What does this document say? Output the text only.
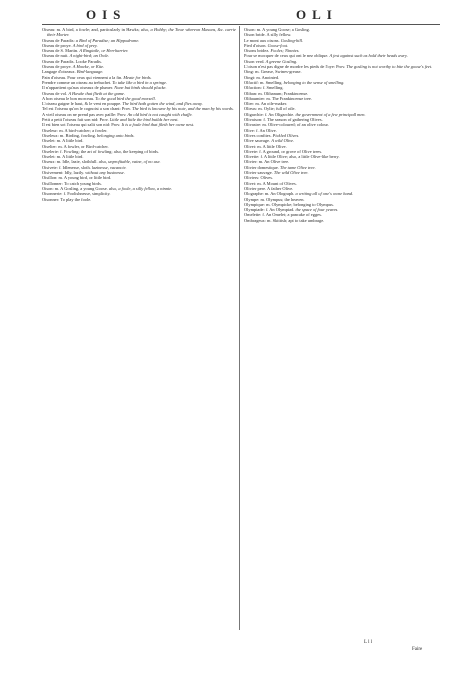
OIS	OLI

Oiseau: m. A bird, a fowle; and, particularly in Hawks; also, a Hobby; the Towe whereon Masons, &c. carrie their Morter.

Oiseau de Paradis: a Bird of Paradise; an Hippodrome.

Oiseau de proye. A bird of prey.

Oiseau de S. Martin. A Ringtaile, or Hen-harrier.

Oiseau de nuit. A night-bird; an Owle.

Oiseau de Paradis. Looke Paradis.

Oiseau de proye. A Hawke, or Kite.

Langage d'oiseaux. Bird-language.

Pain d'oiseau. Pour ceux qui viennent a la fin. Meate for birds.

Prendre comme un oiseau au trebuchet. To take like a bird in a springe.

Il n'appartient qu'aux oiseaux de plumer. None but birds should plucke.

Oiseau de vol. A Hawke that flieth at the game.

A bon oiseau le bon morceau. To the good bird the good morsell.

L'oiseau gaigne le haut, & le vent en pouppe. The bird hath gotten the wind, and flies away.

Tel est l'oiseau qu'on le cognoist a son chant: Prov. The bird is knowne by his note, and the man by his words.

A vieil oiseau on ne prend pas avec paille: Prov. An old bird is not caught with chaffe.

Petit a petit l'oiseau fait son nid: Prov. Little and little the bird builds her nest.

Il est bien sot l'oiseau qui salit son nid: Prov. It is a foule bird that fileth her owne nest.

Oiseleur: m. A bird-catcher; a fowler.

Oiseleux: m. Birding, fowling. belonging unto birds.

Oiselet: m. A little bird.

Oiselier: m. A fowler, or Bird-catcher.

Oiselerie: f. Fowling; the art of fowling; also, the keeping of birds.

Oiselet: m. A little bird.

Oiseux: m. Idle, lazie, slothfull. also, unprofitable, vaine, of no use.

Oisivete: f. Idlenesse, sloth. lazinesse, vacancie.

Oisivement: Idly, lazily. without any businesse.

Oisillon: m. A young bird, or little bird.

Oisillonner: To catch young birds.

Oison: m. A Gosling, a young Goose. also, a foole, a silly fellow, a ninnie.

Oisonnerie: f. Foolishnesse, simplicity.

Oisonner: To play the foole.

Oison: m. A young Goose; a Gosling.

Oison bride. A silly fellow.

Le mont aux oisons. Gosling-hill.

Pied d'oison. Goose-foot.

Oisons bridez. Fooles; Ninnies.

Pour se mocquer de ceux qui ont le nez oblique. A jest against such as hold their heads awry.

Oison verd. A greene Gosling.

L'oison n'est pas digne de mordre les pieds de l'oye: Prov. The gosling is not worthy to bite the goose's feet.

Oing: m. Grease, Swines-grease.

Oingt: m. Anointed.

Olfactif: m. Smelling. belonging to the sense of smelling.

Olfaction: f. Smelling.

Oliban: m. Olibanum; Frankincense.

Olibaumier: m. The Frankincense tree.

Olier: m. An oile-maker.

Olieux: m. Oylie; full of oile.

Oligarchie: f. An Oligarchie. the government of a few principall men.

Olivaison: f. The season of gathering Olives.

Olivastre: m. Olive-coloured; of an olive colour.

Olive: f. An Olive.

Olives confites. Pickled Olives.

Olive sauvage. A wild Olive.

Olivet: m. A little Olive.

Olivete: f. A ground, or grove of Olive trees.

Olivette: f. A little Olive; also, a little Olive-like berry.

Olivier: m. An Olive tree.

Olivier domestique. The tame Olive tree.

Olivier sauvage. The wild Olive tree.

Oliviers: Olives.

Olivet: m. A Mount of Olives.

Olivier pere. A father Olive.

Olographe: m. An Olograph. a writing all of one's owne hand.

Olympe: m. Olympus; the heaven.

Olympique: m. Olympicke; belonging to Olympus.

Olympiade: f. An Olympiad. the space of four yeares.

Omelette: f. An Omelet; a pancake of egges.

Ombrageux: m. Skittish; apt to take umbrage.

L l l
Faire
